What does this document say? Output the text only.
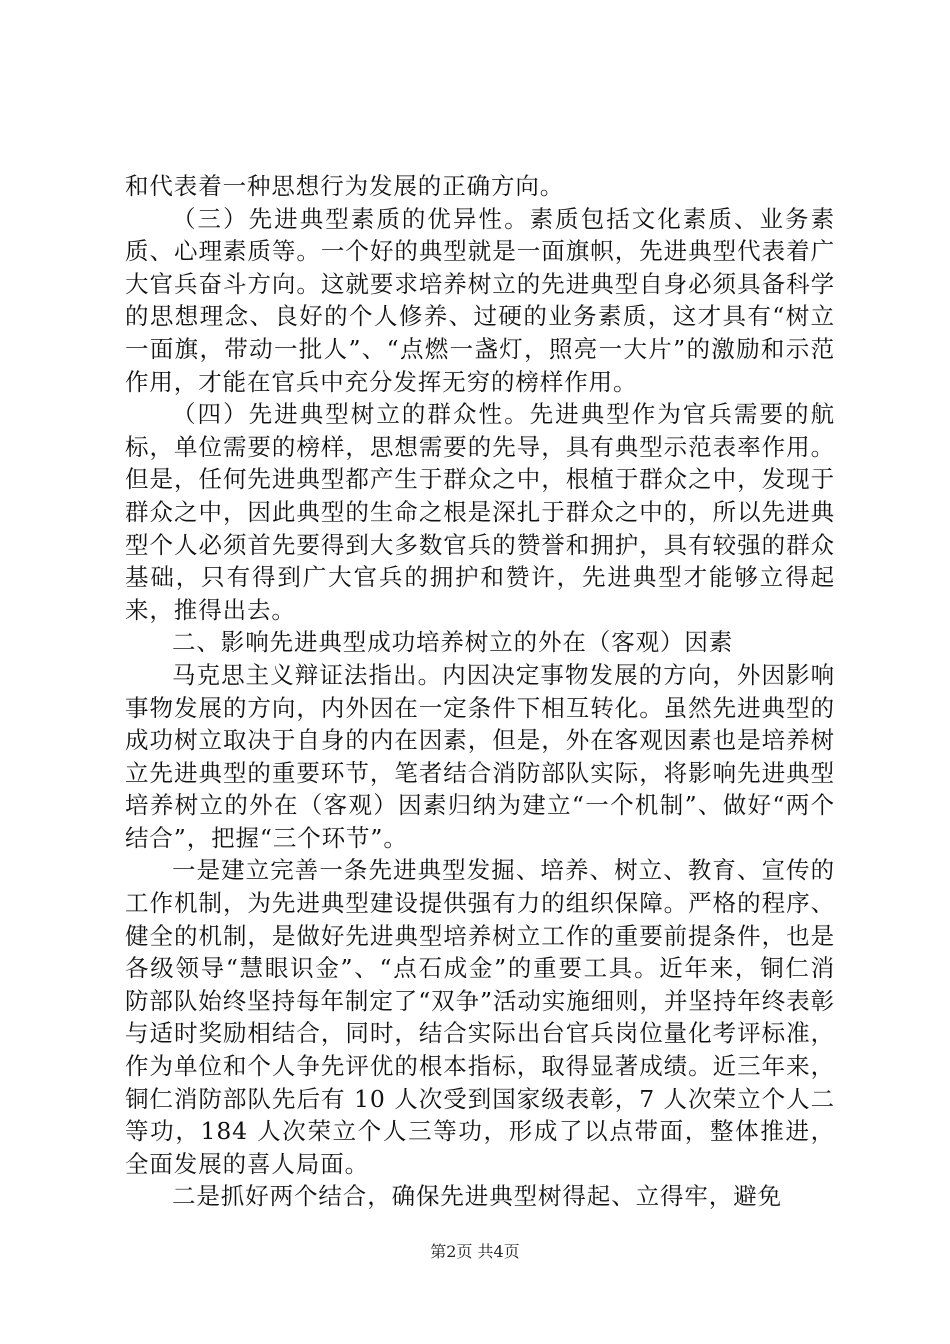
和代表着一种思想行为发展的正确方向。

（三）先进典型素质的优异性。素质包括文化素质、业务素质、心理素质等。一个好的典型就是一面旗帜，先进典型代表着广大官兵奋斗方向。这就要求培养树立的先进典型自身必须具备科学的思想理念、良好的个人修养、过硬的业务素质，这才具有“树立一面旗，带动一批人”、“点燃一盏灯，照亮一大片”的激励和示范作用，才能在官兵中充分发挥无穷的榜样作用。

（四）先进典型树立的群众性。先进典型作为官兵需要的航标，单位需要的榜样，思想需要的先导，具有典型示范表率作用。但是，任何先进典型都产生于群众之中，根植于群众之中，发现于群众之中，因此典型的生命之根是深扎于群众之中的，所以先进典型个人必须首先要得到大多数官兵的赞誉和拥护，具有较强的群众基础，只有得到广大官兵的拥护和赞许，先进典型才能够立得起来，推得出去。

二、影响先进典型成功培养树立的外在（客观）因素

马克思主义辩证法指出。内因决定事物发展的方向，外因影响事物发展的方向，内外因在一定条件下相互转化。虽然先进典型的成功树立取决于自身的内在因素，但是，外在客观因素也是培养树立先进典型的重要环节，笔者结合消防部队实际，将影响先进典型培养树立的外在（客观）因素归纳为建立“一个机制”、做好“两个结合”，把握“三个环节”。

一是建立完善一条先进典型发掘、培养、树立、教育、宣传的工作机制，为先进典型建设提供强有力的组织保障。严格的程序、健全的机制，是做好先进典型培养树立工作的重要前提条件，也是各级领导“慧眼识金”、“点石成金”的重要工具。近年来，铜仁消防部队始终坚持每年制定了“双争”活动实施细则，并坚持年终表彰与适时奖励相结合，同时，结合实际出台官兵岗位量化考评标准，作为单位和个人争先评优的根本指标，取得显著成绩。近三年来，铜仁消防部队先后有 10 人次受到国家级表彰，7 人次荣立个人二等功，184 人次荣立个人三等功，形成了以点带面，整体推进，全面发展的喜人局面。

二是抓好两个结合，确保先进典型树得起、立得牢，避免

第2页 共4页
